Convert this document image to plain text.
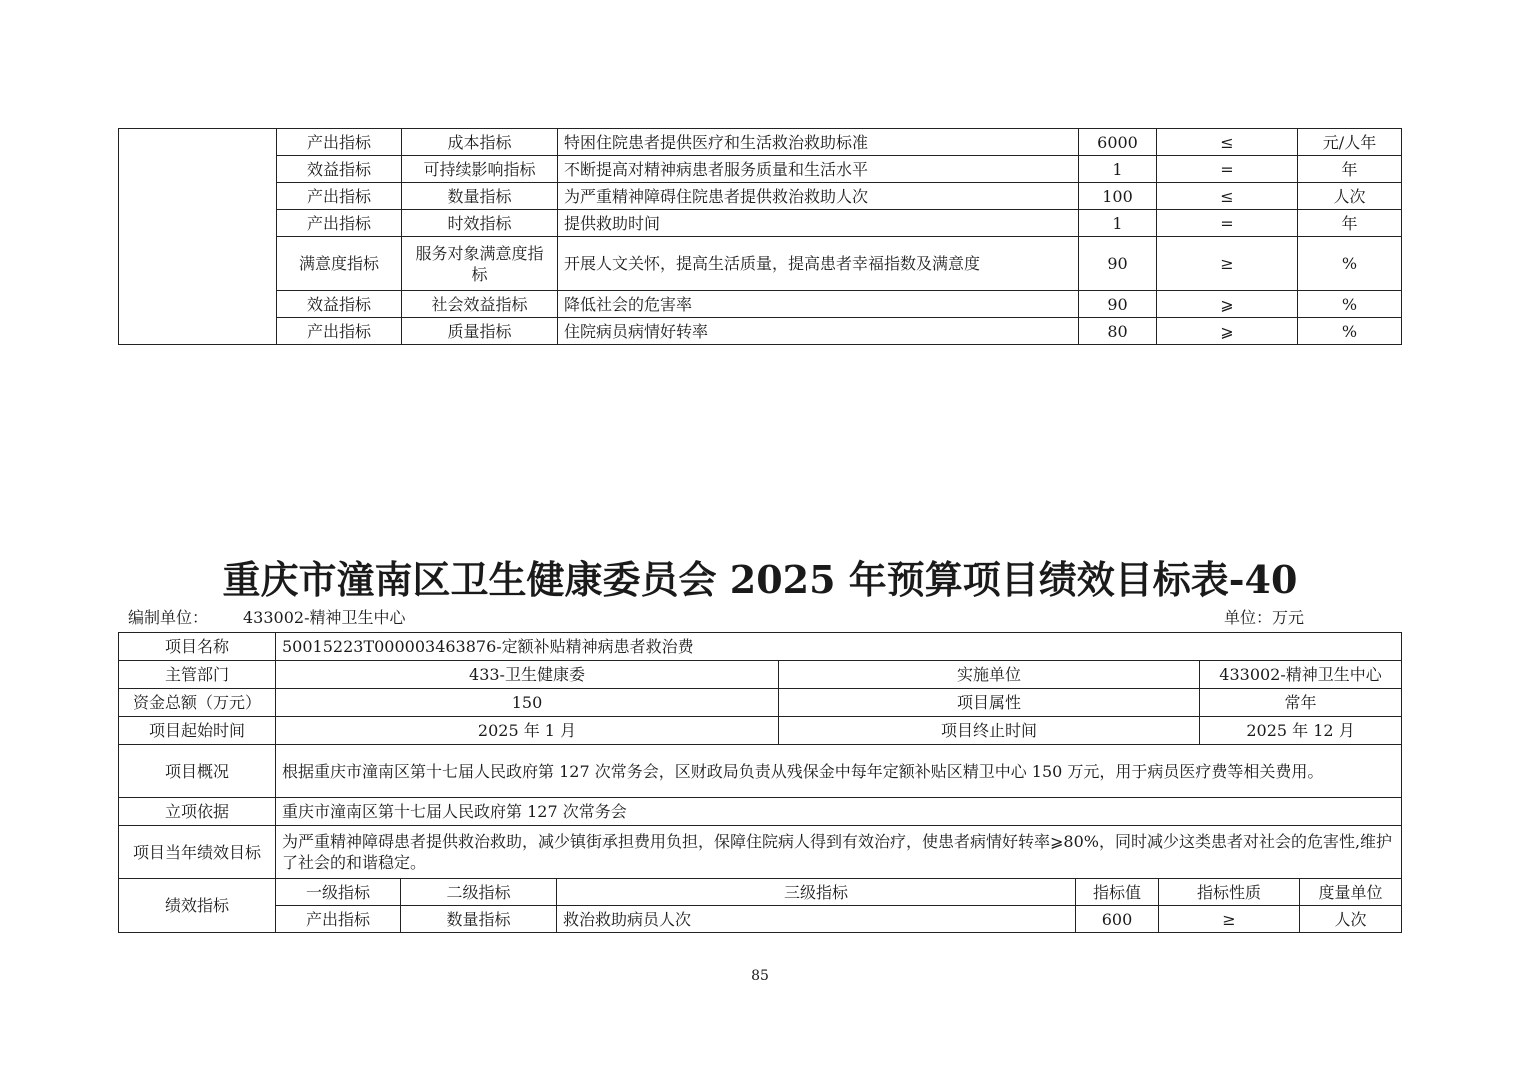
	产出指标	成本指标	特困住院患者提供医疗和生活救治救助标准	6000	≤	元/人年
	效益指标	可持续影响指标	不断提高对精神病患者服务质量和生活水平	1	=	年
	产出指标	数量指标	为严重精神障碍住院患者提供救治救助人次	100	≤	人次
	产出指标	时效指标	提供救助时间	1	=	年
	满意度指标	服务对象满意度指标	开展人文关怀，提高生活质量，提高患者幸福指数及满意度	90	≥	%
	效益指标	社会效益指标	降低社会的危害率	90	⩾	%
	产出指标	质量指标	住院病员病情好转率	80	⩾	%
重庆市潼南区卫生健康委员会 2025 年预算项目绩效目标表-40
编制单位： 433002-精神卫生中心	单位：万元
项目名称	50015223T000003463876-定额补贴精神病患者救治费							
主管部门	433-卫生健康委			实施单位			433002-精神卫生中心	
资金总额（万元）	150			项目属性			常年	
项目起始时间	2025 年 1 月			项目终止时间			2025 年 12 月	
项目概况	根据重庆市潼南区第十七届人民政府第 127 次常务会，区财政局负责从残保金中每年定额补贴区精卫中心 150 万元，用于病员医疗费等相关费用。							
立项依据	重庆市潼南区第十七届人民政府第 127 次常务会							
项目当年绩效目标	为严重精神障碍患者提供救治救助，减少镇街承担费用负担，保障住院病人得到有效治疗，使患者病情好转率⩾80%，同时减少这类患者对社会的危害性,维护了社会的和谐稳定。							
绩效指标	一级指标	二级指标	三级指标		指标值	指标性质		度量单位
	产出指标	数量指标	救治救助病员人次		600	≥		人次
85
